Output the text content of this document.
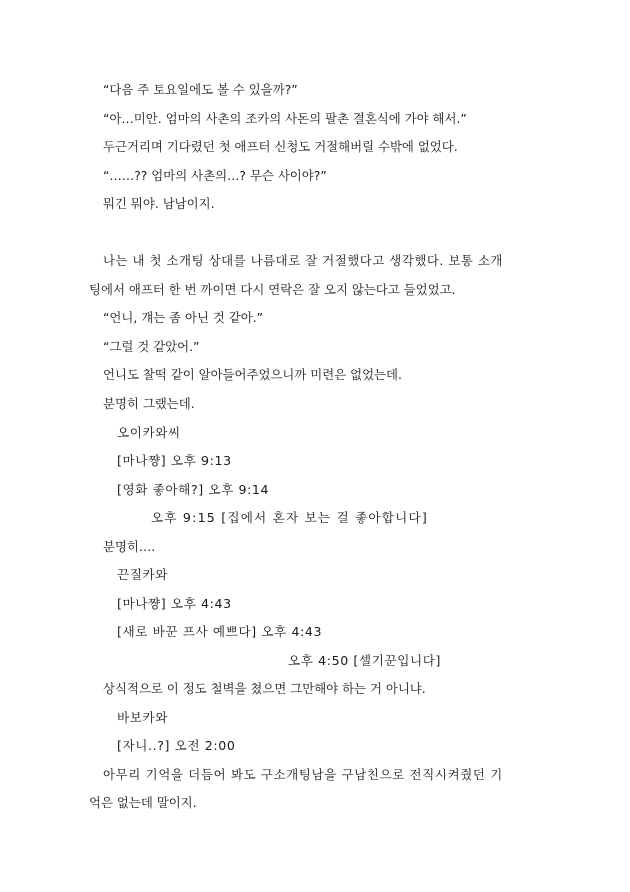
“다음 주 토요일에도 볼 수 있을까?”
“아…미안. 엄마의 사촌의 조카의 사돈의 팔촌 결혼식에 가야 해서.”
두근거리며 기다렸던 첫 애프터 신청도 거절해버릴 수밖에 없었다.
“……?? 엄마의 사촌의…? 무슨 사이야?”
뭐긴 뭐야. 남남이지.
나는 내 첫 소개팅 상대를 나름대로 잘 거절했다고 생각했다. 보통 소개
팅에서 애프터 한 번 까이면 다시 연락은 잘 오지 않는다고 들었었고.
“언니, 걔는 좀 아닌 것 같아.”
“그럴 것 같았어.”
언니도 찰떡 같이 알아들어주었으니까 미련은 없었는데.
분명히 그랬는데.
오이카와씨
[마나쨩] 오후 9:13
[영화 좋아해?] 오후 9:14
오후 9:15 [집에서 혼자 보는 걸 좋아합니다]
분명히….
끈질카와
[마나쨩] 오후 4:43
[새로 바꾼 프사 예쁘다] 오후 4:43
오후 4:50 [셀기꾼입니다]
상식적으로 이 정도 철벽을 쳤으면 그만해야 하는 거 아니냐.
바보카와
[자니..?] 오전 2:00
아무리 기억을 더듬어 봐도 구소개팅남을 구남친으로 전직시켜줬던 기
억은 없는데 말이지.
